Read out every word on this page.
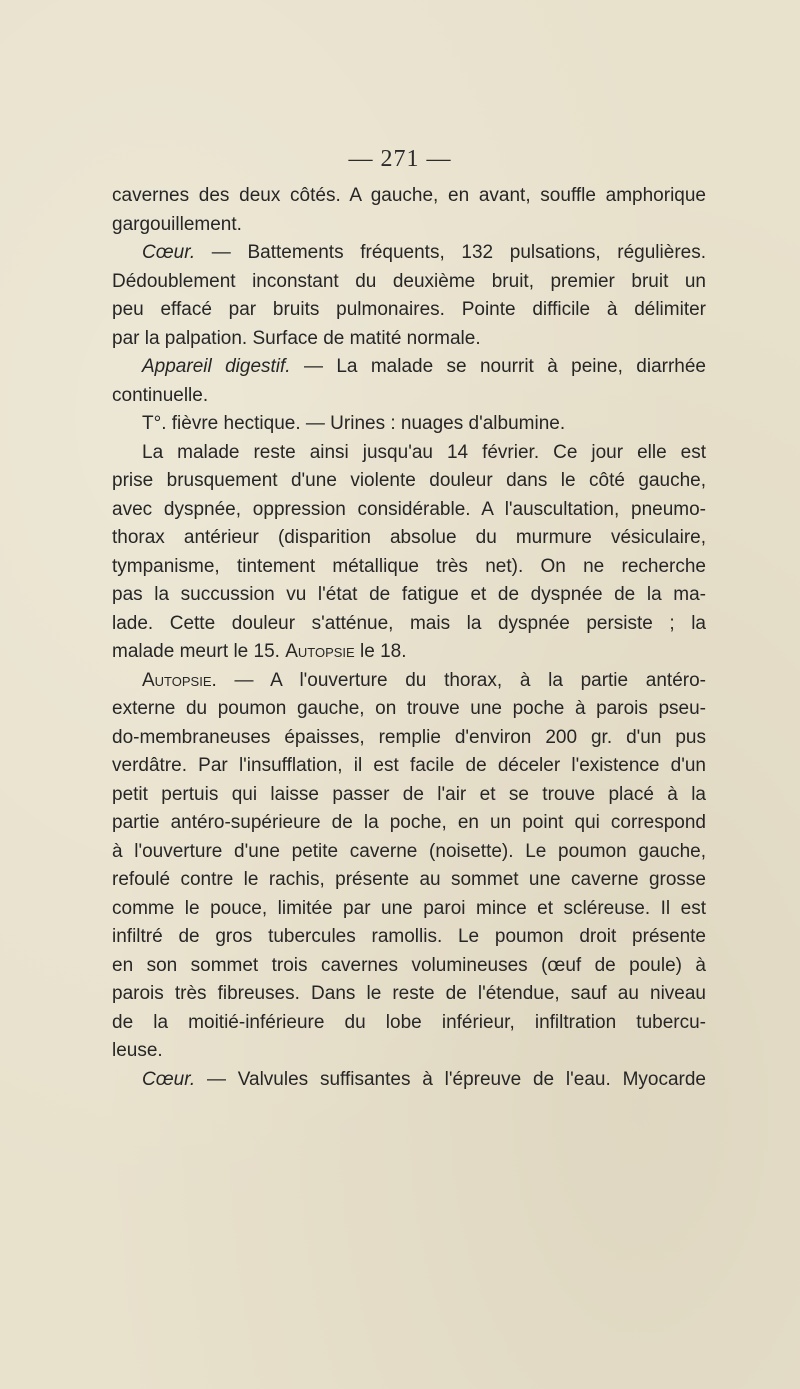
— 271 —
cavernes des deux côtés. A gauche, en avant, souffle amphorique
gargouillement.
Cœur. — Battements fréquents, 132 pulsations, régulières.
Dédoublement inconstant du deuxième bruit, premier bruit un
peu effacé par bruits pulmonaires. Pointe difficile à délimiter
par la palpation. Surface de matité normale.
Appareil digestif. — La malade se nourrit à peine, diarrhée
continuelle.
T°. fièvre hectique. — Urines : nuages d'albumine.
La malade reste ainsi jusqu'au 14 février. Ce jour elle est
prise brusquement d'une violente douleur dans le côté gauche,
avec dyspnée, oppression considérable. A l'auscultation, pneumo-
thorax antérieur (disparition absolue du murmure vésiculaire,
tympanisme, tintement métallique très net). On ne recherche
pas la succussion vu l'état de fatigue et de dyspnée de la ma-
lade. Cette douleur s'atténue, mais la dyspnée persiste ; la
malade meurt le 15. Autopsie le 18.
Autopsie. — A l'ouverture du thorax, à la partie antéro-
externe du poumon gauche, on trouve une poche à parois pseu-
do-membraneuses épaisses, remplie d'environ 200 gr. d'un pus
verdâtre. Par l'insufflation, il est facile de déceler l'existence d'un
petit pertuis qui laisse passer de l'air et se trouve placé à la
partie antéro-supérieure de la poche, en un point qui correspond
à l'ouverture d'une petite caverne (noisette). Le poumon gauche,
refoulé contre le rachis, présente au sommet une caverne grosse
comme le pouce, limitée par une paroi mince et scléreuse. Il est
infiltré de gros tubercules ramollis. Le poumon droit présente
en son sommet trois cavernes volumineuses (œuf de poule) à
parois très fibreuses. Dans le reste de l'étendue, sauf au niveau
de la moitié-inférieure du lobe inférieur, infiltration tubercu-
leuse.
Cœur. — Valvules suffisantes à l'épreuve de l'eau. Myocarde
